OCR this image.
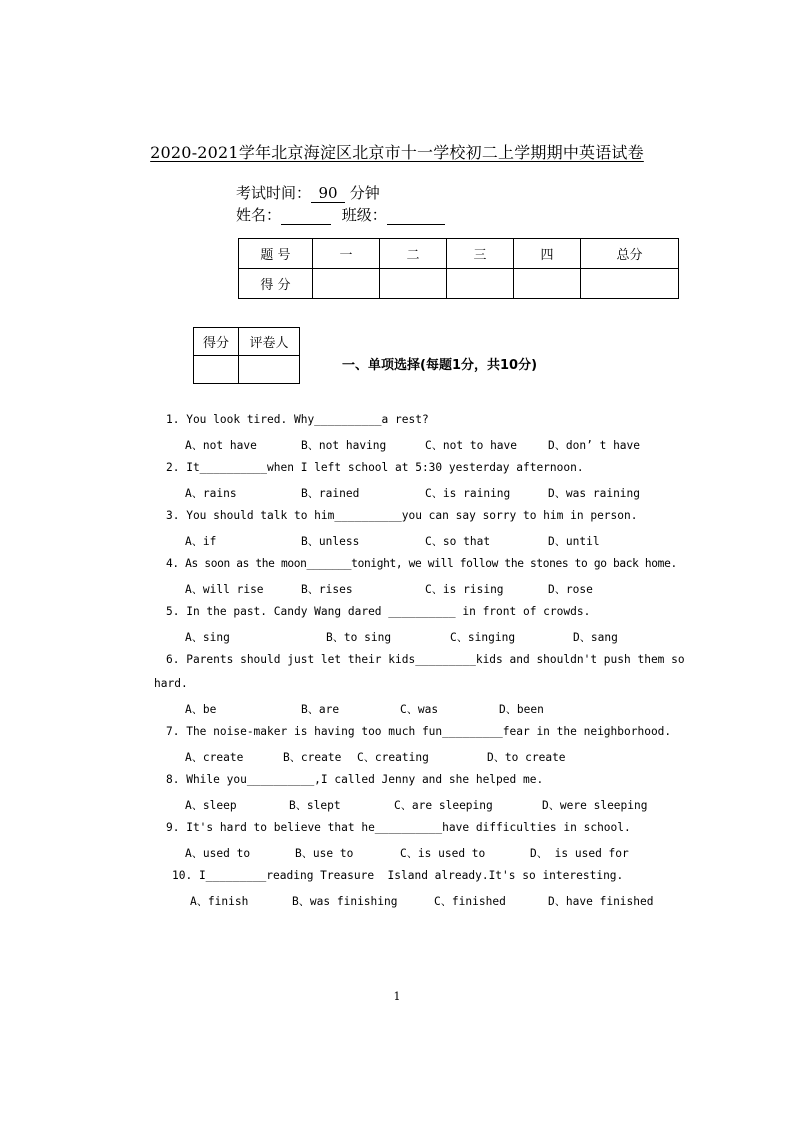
2020-2021学年北京海淀区北京市十一学校初二上学期期中英语试卷
考试时间： 90 分钟
姓名：	班级：
题 号	一	二	三	四	总分
得 分					
得分	评卷人

一、单项选择(每题1分，共10分)
1. You look tired. Why__________a rest?
A、not have	B、not having	C、not to have	D、don’ t have
2. It__________when I left school at 5:30 yesterday afternoon.
A、rains	B、rained	C、is raining	D、was raining
3. You should talk to him__________you can say sorry to him in person.
A、if	B、unless	C、so that	D、until
4. As soon as the moon_______tonight, we will follow the stones to go back home.
A、will rise	B、rises	C、is rising	D、rose
5. In the past. Candy Wang dared __________ in front of crowds.
A、sing	B、to sing	C、singing	D、sang
6. Parents should just let their kids_________kids and shouldn't push them so
hard.
A、be	B、are	C、was	D、been
7. The noise-maker is having too much fun_________fear in the neighborhood.
A、create	B、create C、creating	D、to create
8. While you__________,I called Jenny and she helped me.
A、sleep	B、slept	C、are sleeping	D、were sleeping
9. It's hard to believe that he__________have difficulties in school.
A、used to	B、use to	C、is used to	D、 is used for
10. I_________reading Treasure  Island already.It's so interesting.
A、finish	B、was finishing	C、finished	D、have finished
1
